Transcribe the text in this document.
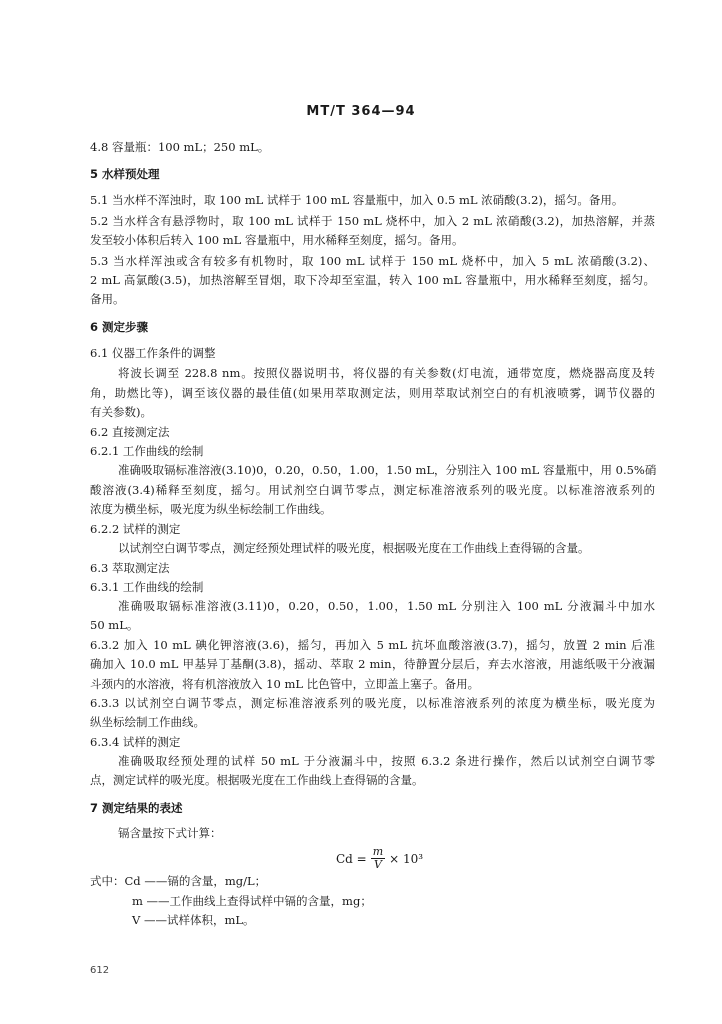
MT/T 364—94
4.8 容量瓶：100 mL；250 mL。
5 水样预处理
5.1 当水样不浑浊时，取 100 mL 试样于 100 mL 容量瓶中，加入 0.5 mL 浓硝酸(3.2)，摇匀。备用。
5.2 当水样含有悬浮物时，取 100 mL 试样于 150 mL 烧杯中，加入 2 mL 浓硝酸(3.2)，加热溶解，并蒸
发至较小体积后转入 100 mL 容量瓶中，用水稀释至刻度，摇匀。备用。
5.3 当水样浑浊或含有较多有机物时，取 100 mL 试样于 150 mL 烧杯中，加入 5 mL 浓硝酸(3.2)、
2 mL 高氯酸(3.5)，加热溶解至冒烟，取下冷却至室温，转入 100 mL 容量瓶中，用水稀释至刻度，摇匀。
备用。
6 测定步骤
6.1 仪器工作条件的调整
将波长调至 228.8 nm。按照仪器说明书，将仪器的有关参数(灯电流，通带宽度，燃烧器高度及转
角，助燃比等)，调至该仪器的最佳值(如果用萃取测定法，则用萃取试剂空白的有机液喷雾，调节仪器的
有关参数)。
6.2 直接测定法
6.2.1 工作曲线的绘制
准确吸取镉标准溶液(3.10)0，0.20，0.50，1.00，1.50 mL，分别注入 100 mL 容量瓶中，用 0.5%硝
酸溶液(3.4)稀释至刻度，摇匀。用试剂空白调节零点，测定标准溶液系列的吸光度。以标准溶液系列的
浓度为横坐标，吸光度为纵坐标绘制工作曲线。
6.2.2 试样的测定
以试剂空白调节零点，测定经预处理试样的吸光度，根据吸光度在工作曲线上查得镉的含量。
6.3 萃取测定法
6.3.1 工作曲线的绘制
准确吸取镉标准溶液(3.11)0，0.20，0.50，1.00，1.50 mL 分别注入 100 mL 分液漏斗中加水
50 mL。
6.3.2 加入 10 mL 碘化钾溶液(3.6)，摇匀，再加入 5 mL 抗坏血酸溶液(3.7)，摇匀，放置 2 min 后准
确加入 10.0 mL 甲基异丁基酮(3.8)，摇动、萃取 2 min，待静置分层后，弃去水溶液，用滤纸吸干分液漏
斗颈内的水溶液，将有机溶液放入 10 mL 比色管中，立即盖上塞子。备用。
6.3.3 以试剂空白调节零点，测定标准溶液系列的吸光度，以标准溶液系列的浓度为横坐标，吸光度为
纵坐标绘制工作曲线。
6.3.4 试样的测定
准确吸取经预处理的试样 50 mL 于分液漏斗中，按照 6.3.2 条进行操作，然后以试剂空白调节零
点，测定试样的吸光度。根据吸光度在工作曲线上查得镉的含量。
7 测定结果的表述
镉含量按下式计算：
$Cd = \frac{m}{V} \times 10^3$
式中：Cd ——镉的含量，mg/L；
m ——工作曲线上查得试样中镉的含量，mg；
V ——试样体积，mL。
612
